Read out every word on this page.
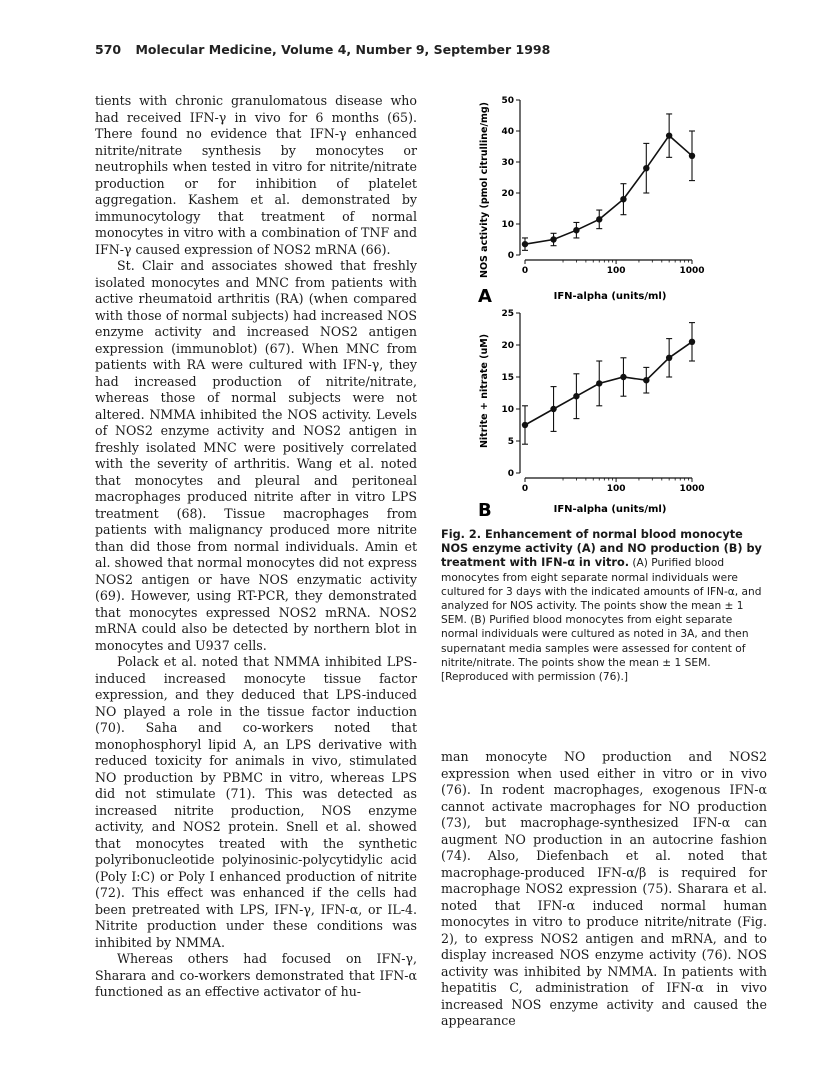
570 Molecular Medicine, Volume 4, Number 9, September 1998

tients with chronic granulomatous disease who had received IFN-γ in vivo for 6 months (65). There found no evidence that IFN-γ enhanced nitrite/nitrate synthesis by monocytes or neutrophils when tested in vitro for nitrite/nitrate production or for inhibition of platelet aggregation. Kashem et al. demonstrated by immunocytology that treatment of normal monocytes in vitro with a combination of TNF and IFN-γ caused expression of NOS2 mRNA (66).

St. Clair and associates showed that freshly isolated monocytes and MNC from patients with active rheumatoid arthritis (RA) (when compared with those of normal subjects) had increased NOS enzyme activity and increased NOS2 antigen expression (immunoblot) (67). When MNC from patients with RA were cultured with IFN-γ, they had increased production of nitrite/nitrate, whereas those of normal subjects were not altered. NMMA inhibited the NOS activity. Levels of NOS2 enzyme activity and NOS2 antigen in freshly isolated MNC were positively correlated with the severity of arthritis. Wang et al. noted that monocytes and pleural and peritoneal macrophages produced nitrite after in vitro LPS treatment (68). Tissue macrophages from patients with malignancy produced more nitrite than did those from normal individuals. Amin et al. showed that normal monocytes did not express NOS2 antigen or have NOS enzymatic activity (69). However, using RT-PCR, they demonstrated that monocytes expressed NOS2 mRNA. NOS2 mRNA could also be detected by northern blot in monocytes and U937 cells.

Polack et al. noted that NMMA inhibited LPS-induced increased monocyte tissue factor expression, and they deduced that LPS-induced NO played a role in the tissue factor induction (70). Saha and co-workers noted that monophosphoryl lipid A, an LPS derivative with reduced toxicity for animals in vivo, stimulated NO production by PBMC in vitro, whereas LPS did not stimulate (71). This was detected as increased nitrite production, NOS enzyme activity, and NOS2 protein. Snell et al. showed that monocytes treated with the synthetic polyribonucleotide polyinosinic-polycytidylic acid (Poly I:C) or Poly I enhanced production of nitrite (72). This effect was enhanced if the cells had been pretreated with LPS, IFN-γ, IFN-α, or IL-4. Nitrite production under these conditions was inhibited by NMMA.

Whereas others had focused on IFN-γ, Sharara and co-workers demonstrated that IFN-α functioned as an effective activator of hu-

NOS activity (pmol citrulline/mg)
IFN-alpha (units/ml)
A
0
10
20
30
40
50
0	100	1000
Nitrite + nitrate (uM)
IFN-alpha (units/ml)
B
0
5
10
15
20
25
0	100	1000
Fig. 2. Enhancement of normal blood monocyte NOS enzyme activity (A) and NO production (B) by treatment with IFN-α in vitro. (A) Purified blood monocytes from eight separate normal individuals were cultured for 3 days with the indicated amounts of IFN-α, and analyzed for NOS activity. The points show the mean ± 1 SEM. (B) Purified blood monocytes from eight separate normal individuals were cultured as noted in 3A, and then supernatant media samples were assessed for content of nitrite/nitrate. The points show the mean ± 1 SEM. [Reproduced with permission (76).]

man monocyte NO production and NOS2 expression when used either in vitro or in vivo (76). In rodent macrophages, exogenous IFN-α cannot activate macrophages for NO production (73), but macrophage-synthesized IFN-α can augment NO production in an autocrine fashion (74). Also, Diefenbach et al. noted that macrophage-produced IFN-α/β is required for macrophage NOS2 expression (75). Sharara et al. noted that IFN-α induced normal human monocytes in vitro to produce nitrite/nitrate (Fig. 2), to express NOS2 antigen and mRNA, and to display increased NOS enzyme activity (76). NOS activity was inhibited by NMMA. In patients with hepatitis C, administration of IFN-α in vivo increased NOS enzyme activity and caused the appearance
